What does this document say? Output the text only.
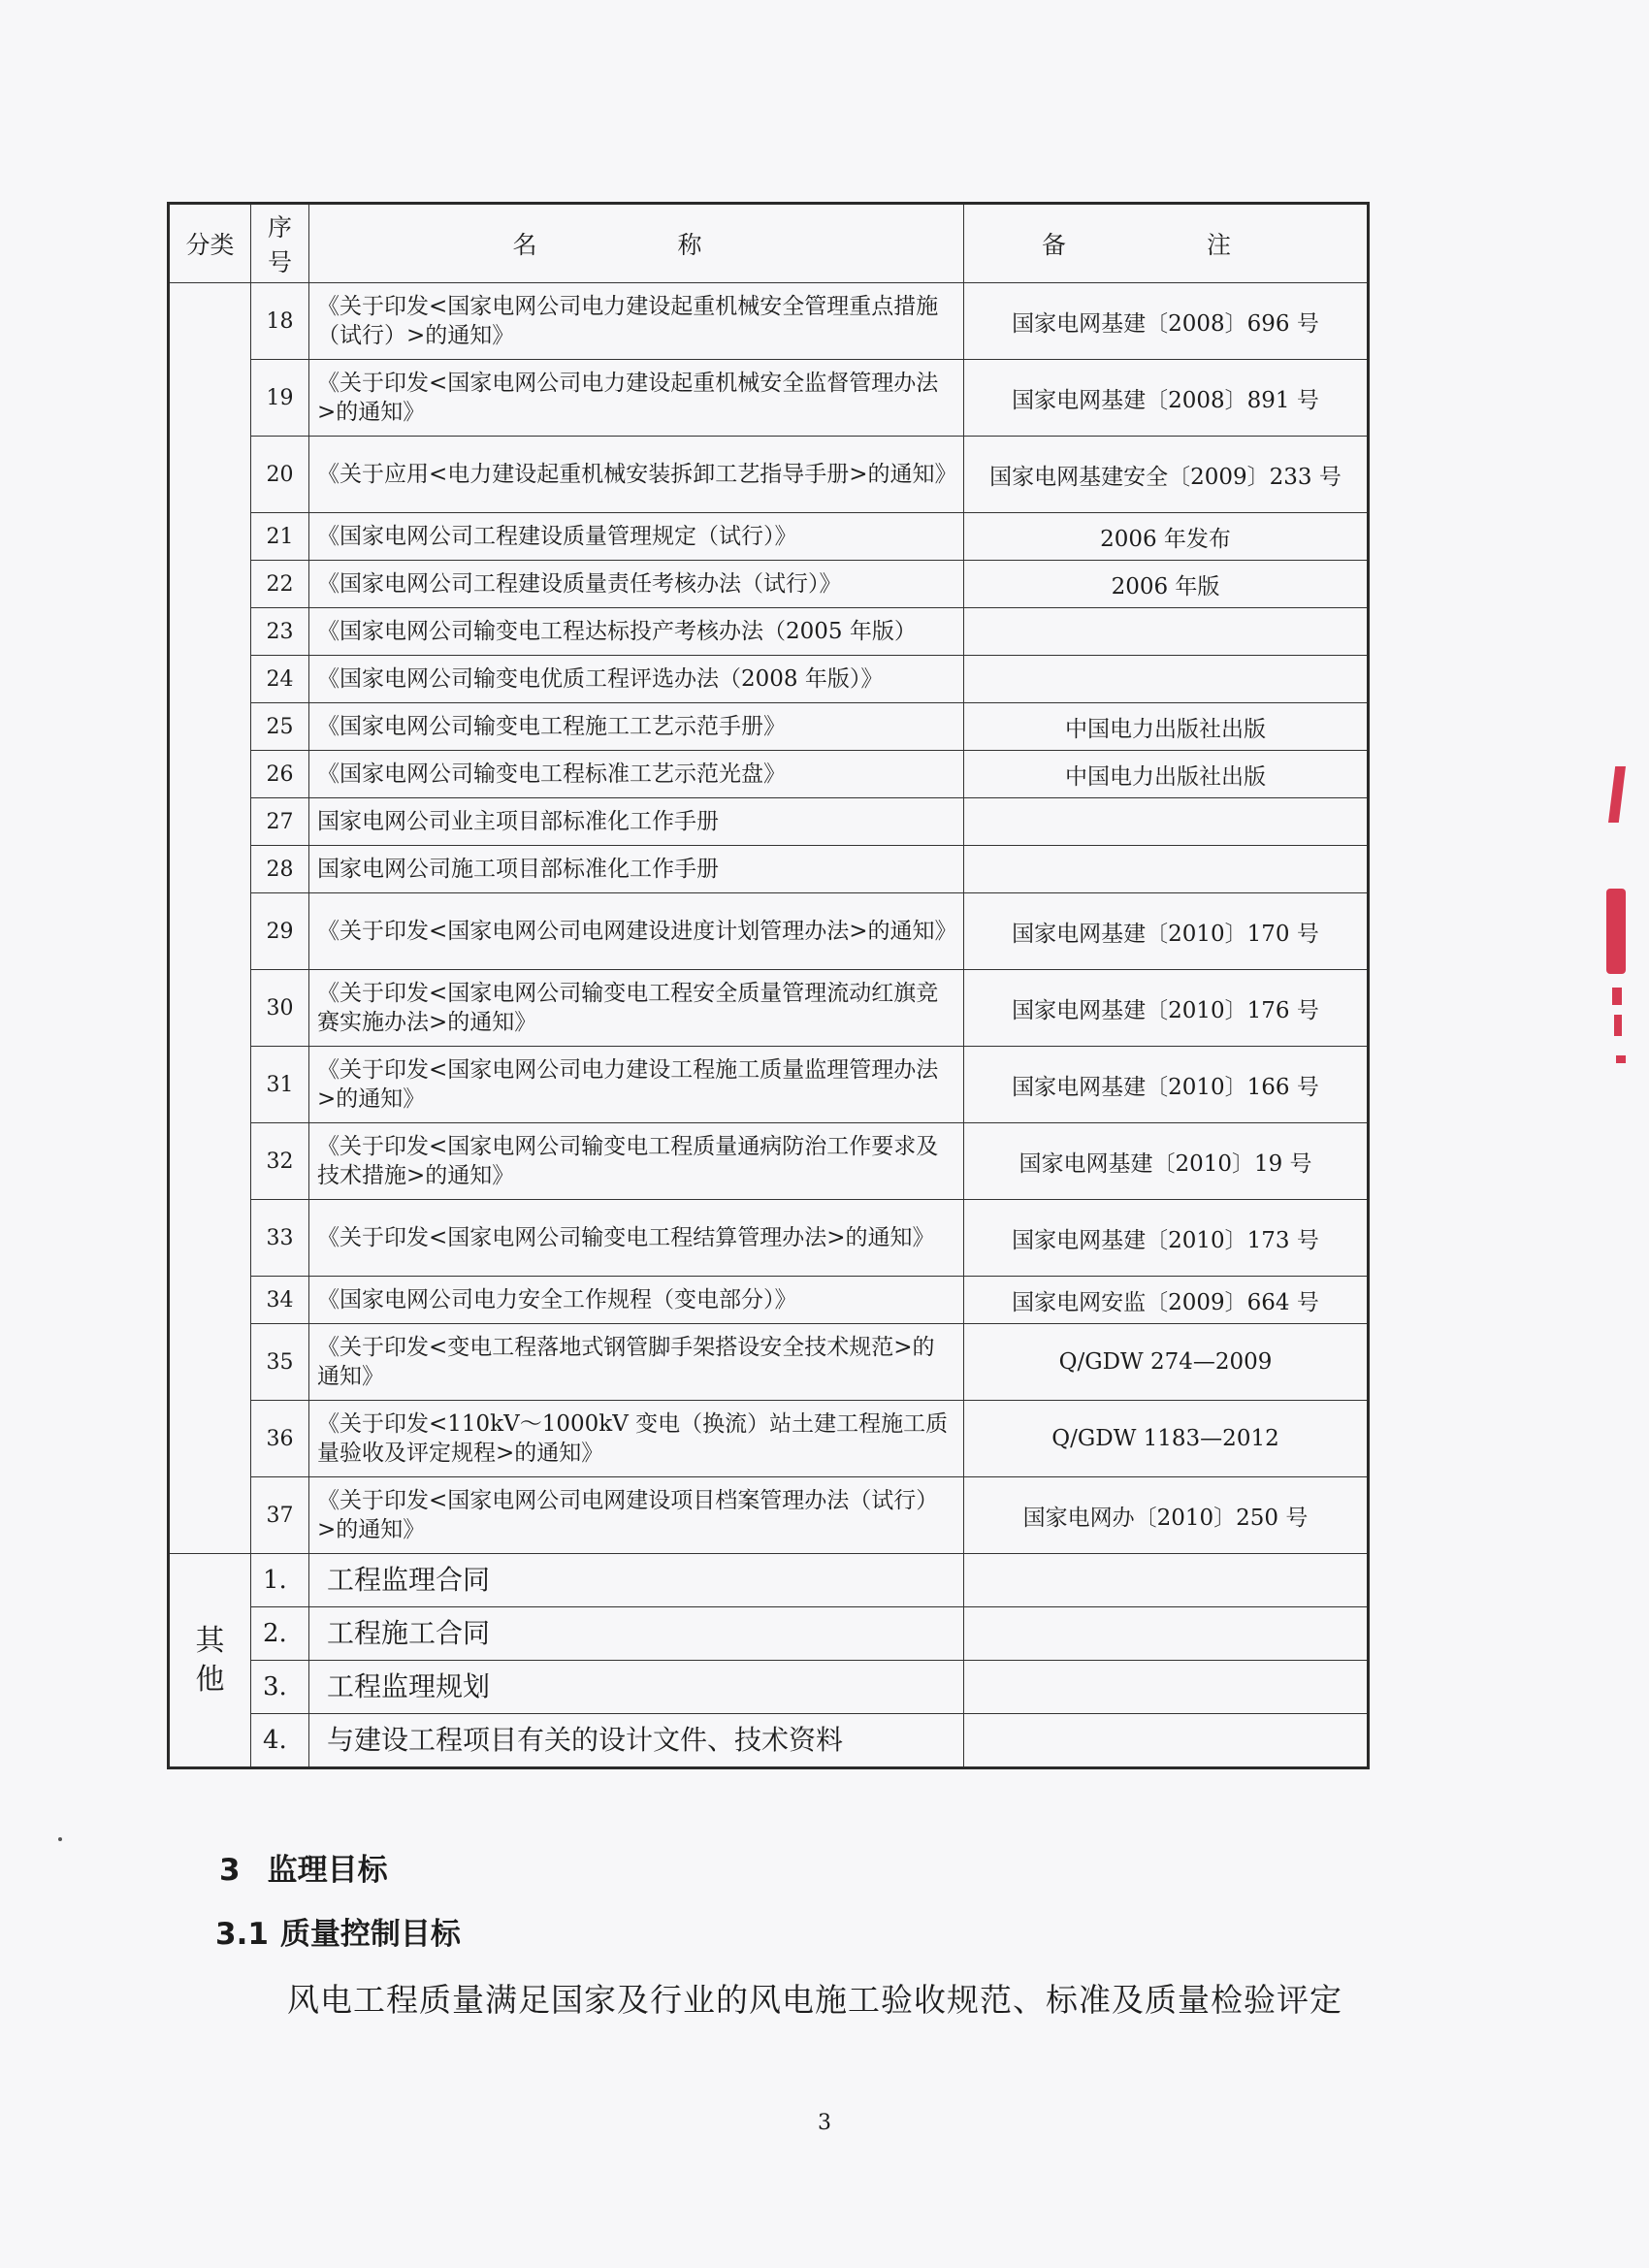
分类	序号	名　称	备　注
	18	《关于印发<国家电网公司电力建设起重机械安全管理重点措施（试行）>的通知》	国家电网基建〔2008〕696 号
	19	《关于印发<国家电网公司电力建设起重机械安全监督管理办法>的通知》	国家电网基建〔2008〕891 号
	20	《关于应用<电力建设起重机械安装拆卸工艺指导手册>的通知》	国家电网基建安全〔2009〕233 号
	21	《国家电网公司工程建设质量管理规定（试行）》	2006 年发布
	22	《国家电网公司工程建设质量责任考核办法（试行）》	2006 年版
	23	《国家电网公司输变电工程达标投产考核办法（2005 年版）	
	24	《国家电网公司输变电优质工程评选办法（2008 年版）》	
	25	《国家电网公司输变电工程施工工艺示范手册》	中国电力出版社出版
	26	《国家电网公司输变电工程标准工艺示范光盘》	中国电力出版社出版
	27	国家电网公司业主项目部标准化工作手册	
	28	国家电网公司施工项目部标准化工作手册	
	29	《关于印发<国家电网公司电网建设进度计划管理办法>的通知》	国家电网基建〔2010〕170 号
	30	《关于印发<国家电网公司输变电工程安全质量管理流动红旗竞赛实施办法>的通知》	国家电网基建〔2010〕176 号
	31	《关于印发<国家电网公司电力建设工程施工质量监理管理办法>的通知》	国家电网基建〔2010〕166 号
	32	《关于印发<国家电网公司输变电工程质量通病防治工作要求及技术措施>的通知》	国家电网基建〔2010〕19 号
	33	《关于印发<国家电网公司输变电工程结算管理办法>的通知》	国家电网基建〔2010〕173 号
	34	《国家电网公司电力安全工作规程（变电部分）》	国家电网安监〔2009〕664 号
	35	《关于印发<变电工程落地式钢管脚手架搭设安全技术规范>的通知》	Q/GDW 274—2009
	36	《关于印发<110kV～1000kV 变电（换流）站土建工程施工质量验收及评定规程>的通知》	Q/GDW 1183—2012
	37	《关于印发<国家电网公司电网建设项目档案管理办法（试行）>的通知》	国家电网办〔2010〕250 号
其他	1.	工程监理合同	
	2.	工程施工合同	
	3.	工程监理规划	
	4.	与建设工程项目有关的设计文件、技术资料	
3 监理目标
3.1 质量控制目标
风电工程质量满足国家及行业的风电施工验收规范、标准及质量检验评定
3
